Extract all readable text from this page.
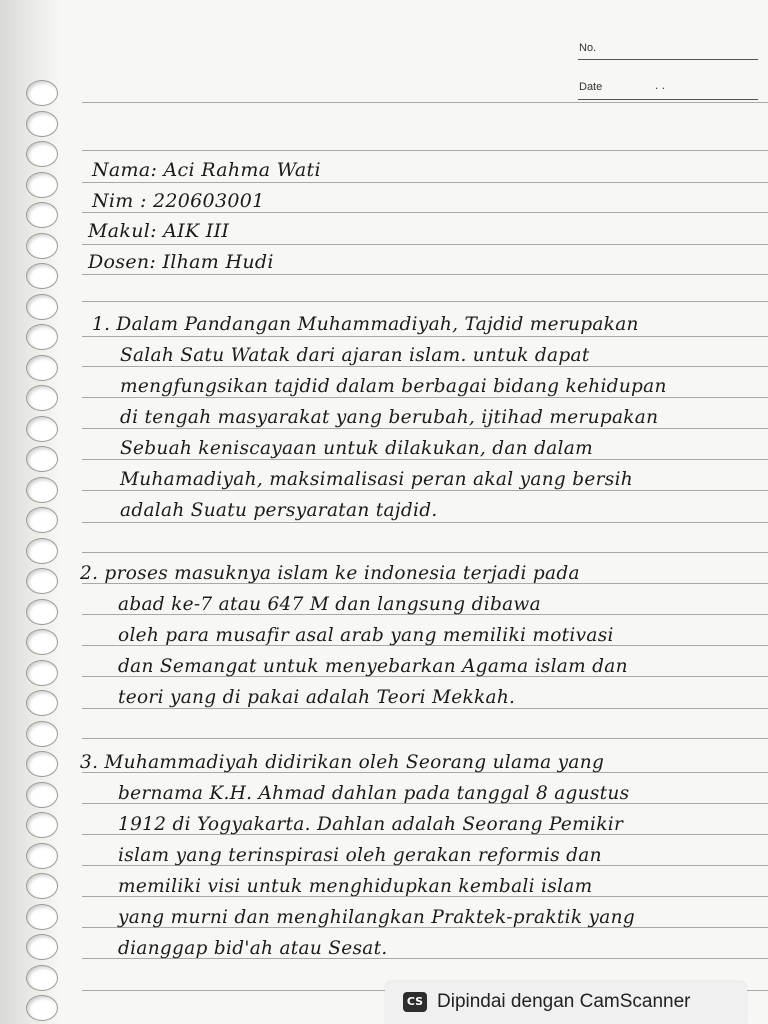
No.
Date	. .
Nama: Aci Rahma Wati
Nim : 220603001
Makul: AIK III
Dosen: Ilham Hudi
1. Dalam Pandangan Muhammadiyah, Tajdid merupakan
Salah Satu Watak dari ajaran islam. untuk dapat
mengfungsikan tajdid dalam berbagai bidang kehidupan
di tengah masyarakat yang berubah, ijtihad merupakan
Sebuah keniscayaan untuk dilakukan, dan dalam
Muhamadiyah, maksimalisasi peran akal yang bersih
adalah Suatu persyaratan tajdid.
2. proses masuknya islam ke indonesia terjadi pada
abad ke-7 atau 647 M dan langsung dibawa
oleh para musafir asal arab yang memiliki motivasi
dan Semangat untuk menyebarkan Agama islam dan
teori yang di pakai adalah Teori Mekkah.
3. Muhammadiyah didirikan oleh Seorang ulama yang
bernama K.H. Ahmad dahlan pada tanggal 8 agustus
1912 di Yogyakarta. Dahlan adalah Seorang Pemikir
islam yang terinspirasi oleh gerakan reformis dan
memiliki visi untuk menghidupkan kembali islam
yang murni dan menghilangkan Praktek-praktik yang
dianggap bid'ah atau Sesat.
CS Dipindai dengan CamScanner
